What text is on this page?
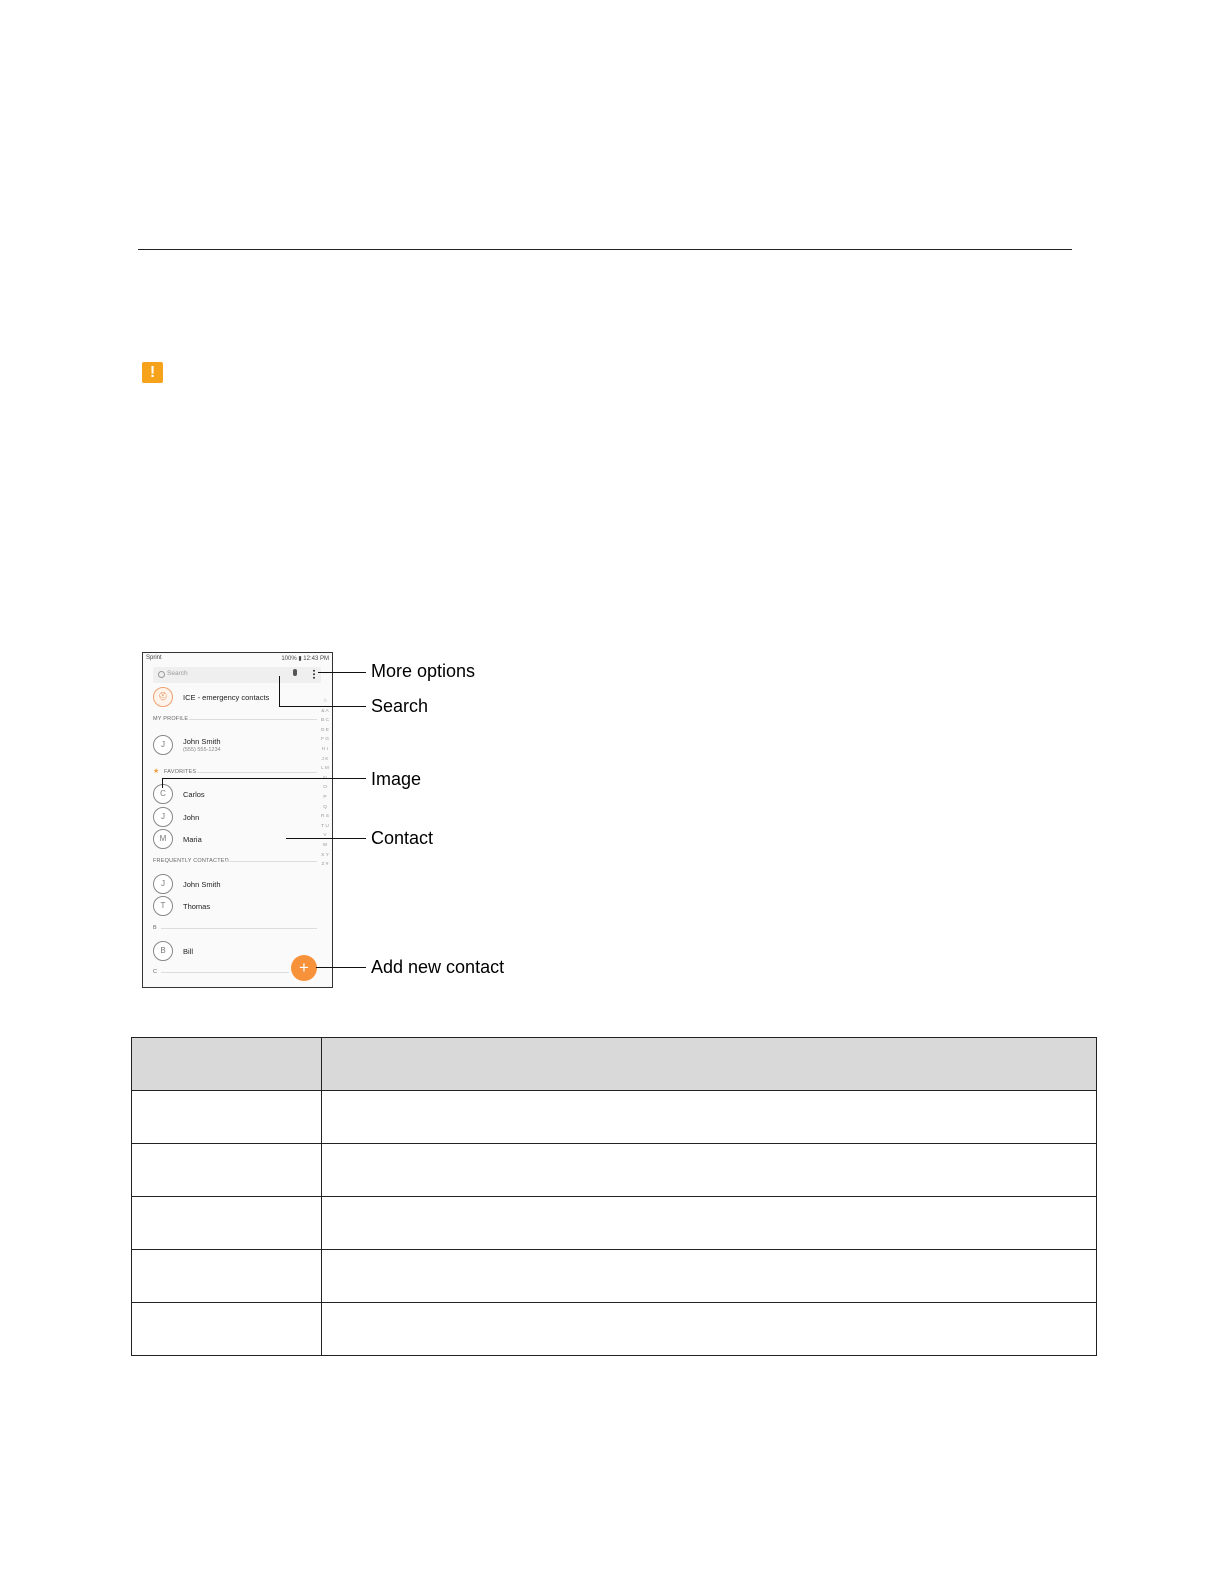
!
Sprint	100% ▮ 12:43 PM
Search
⛑	ICE - emergency contacts
MY PROFILE
J	John Smith
(555) 555-1234
★ FAVORITES
C	Carlos
J	John
M	Maria
FREQUENTLY CONTACTED
J	John Smith
T	Thomas
B
B	Bill
C
☆ & A B C D E F G H I J K L M N O P Q R S T U V W X Y Z #
+
More options
Search
Image
Contact
Add new contact
